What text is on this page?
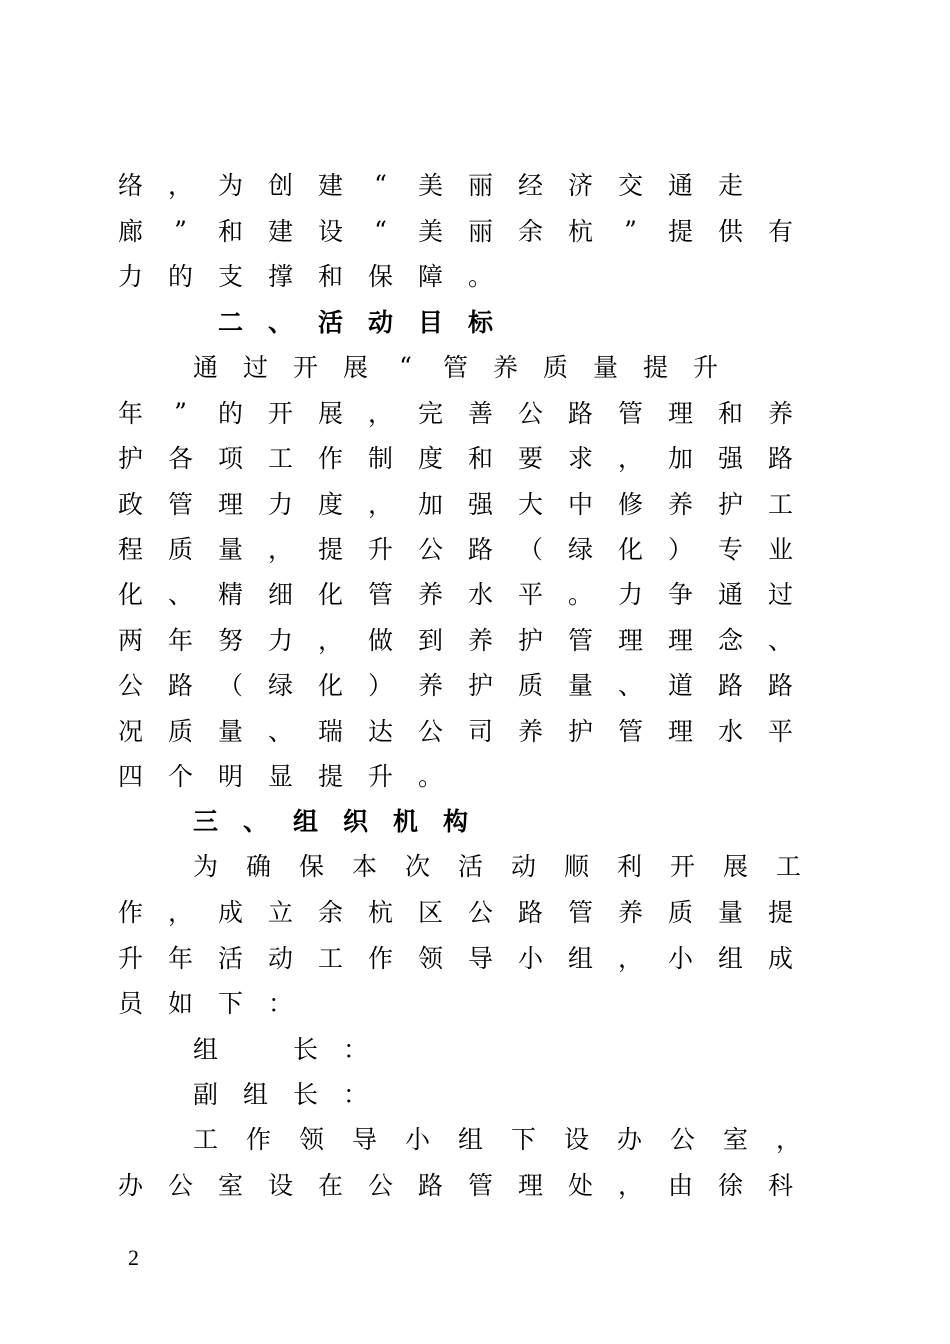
络 ， 为 创 建 “ 美 丽 经 济 交 通 走
廊 ” 和 建 设 “ 美 丽 余 杭 ” 提 供 有
力 的 支 撑 和 保 障 。
二 、 活 动 目 标
通 过 开 展 “ 管 养 质 量 提 升
年 ” 的 开 展 ， 完 善 公 路 管 理 和 养
护 各 项 工 作 制 度 和 要 求 ， 加 强 路
政 管 理 力 度 ， 加 强 大 中 修 养 护 工
程 质 量 ， 提 升 公 路 （ 绿 化 ） 专 业
化 、 精 细 化 管 养 水 平 。 力 争 通 过
两 年 努 力 ， 做 到 养 护 管 理 理 念 、
公 路 （ 绿 化 ） 养 护 质 量 、 道 路 路
况 质 量 、 瑞 达 公 司 养 护 管 理 水 平
四 个 明 显 提 升 。
三 、 组 织 机 构
为 确 保 本 次 活 动 顺 利 开 展 工
作 ， 成 立 余 杭 区 公 路 管 养 质 量 提
升 年 活 动 工 作 领 导 小 组 ， 小 组 成
员 如 下 ：
组
　	长 ：
副 组 长 ：
工 作 领 导 小 组 下 设 办 公 室 ，
办 公 室 设 在 公 路 管 理 处 ， 由 徐 科
2
